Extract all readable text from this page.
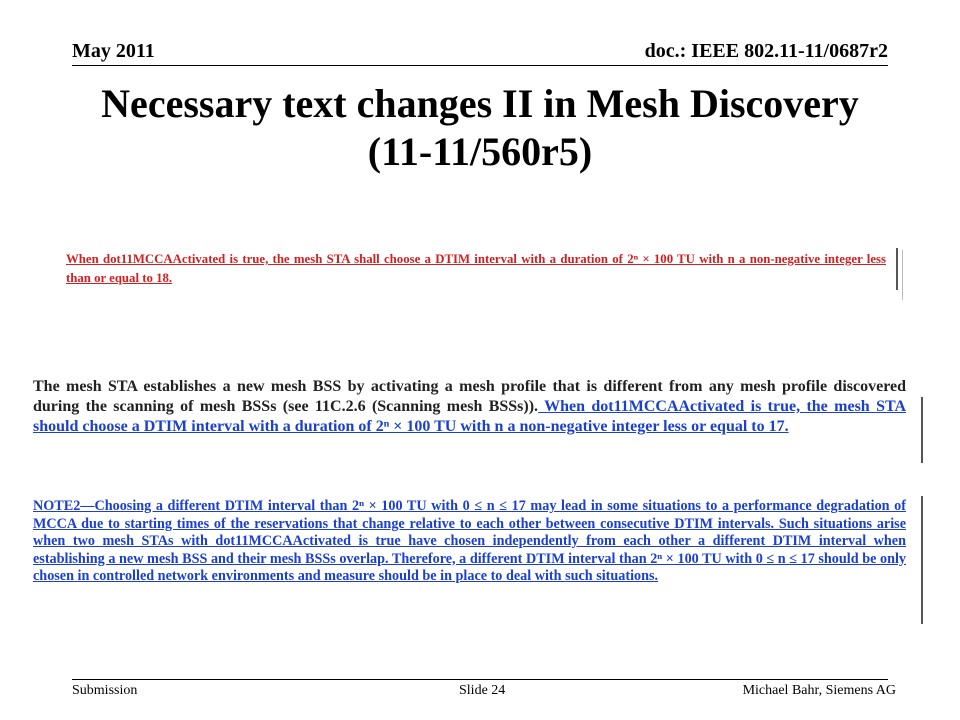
May 2011	doc.: IEEE 802.11-11/0687r2
Necessary text changes II in Mesh Discovery (11-11/560r5)
When dot11MCCAActivated is true, the mesh STA shall choose a DTIM interval with a duration of 2ⁿ × 100 TU with n a non-negative integer less than or equal to 18.
The mesh STA establishes a new mesh BSS by activating a mesh profile that is different from any mesh profile discovered during the scanning of mesh BSSs (see 11C.2.6 (Scanning mesh BSSs)). When dot11MCCAActivated is true, the mesh STA should choose a DTIM interval with a duration of 2ⁿ × 100 TU with n a non-negative integer less or equal to 17.
NOTE2—Choosing a different DTIM interval than 2ⁿ × 100 TU with 0 ≤ n ≤ 17 may lead in some situations to a performance degradation of MCCA due to starting times of the reservations that change relative to each other between consecutive DTIM intervals. Such situations arise when two mesh STAs with dot11MCCAActivated is true have chosen independently from each other a different DTIM interval when establishing a new mesh BSS and their mesh BSSs overlap. Therefore, a different DTIM interval than 2ⁿ × 100 TU with 0 ≤ n ≤ 17 should be only chosen in controlled network environments and measure should be in place to deal with such situations.
Submission	Slide 24	Michael Bahr, Siemens AG
